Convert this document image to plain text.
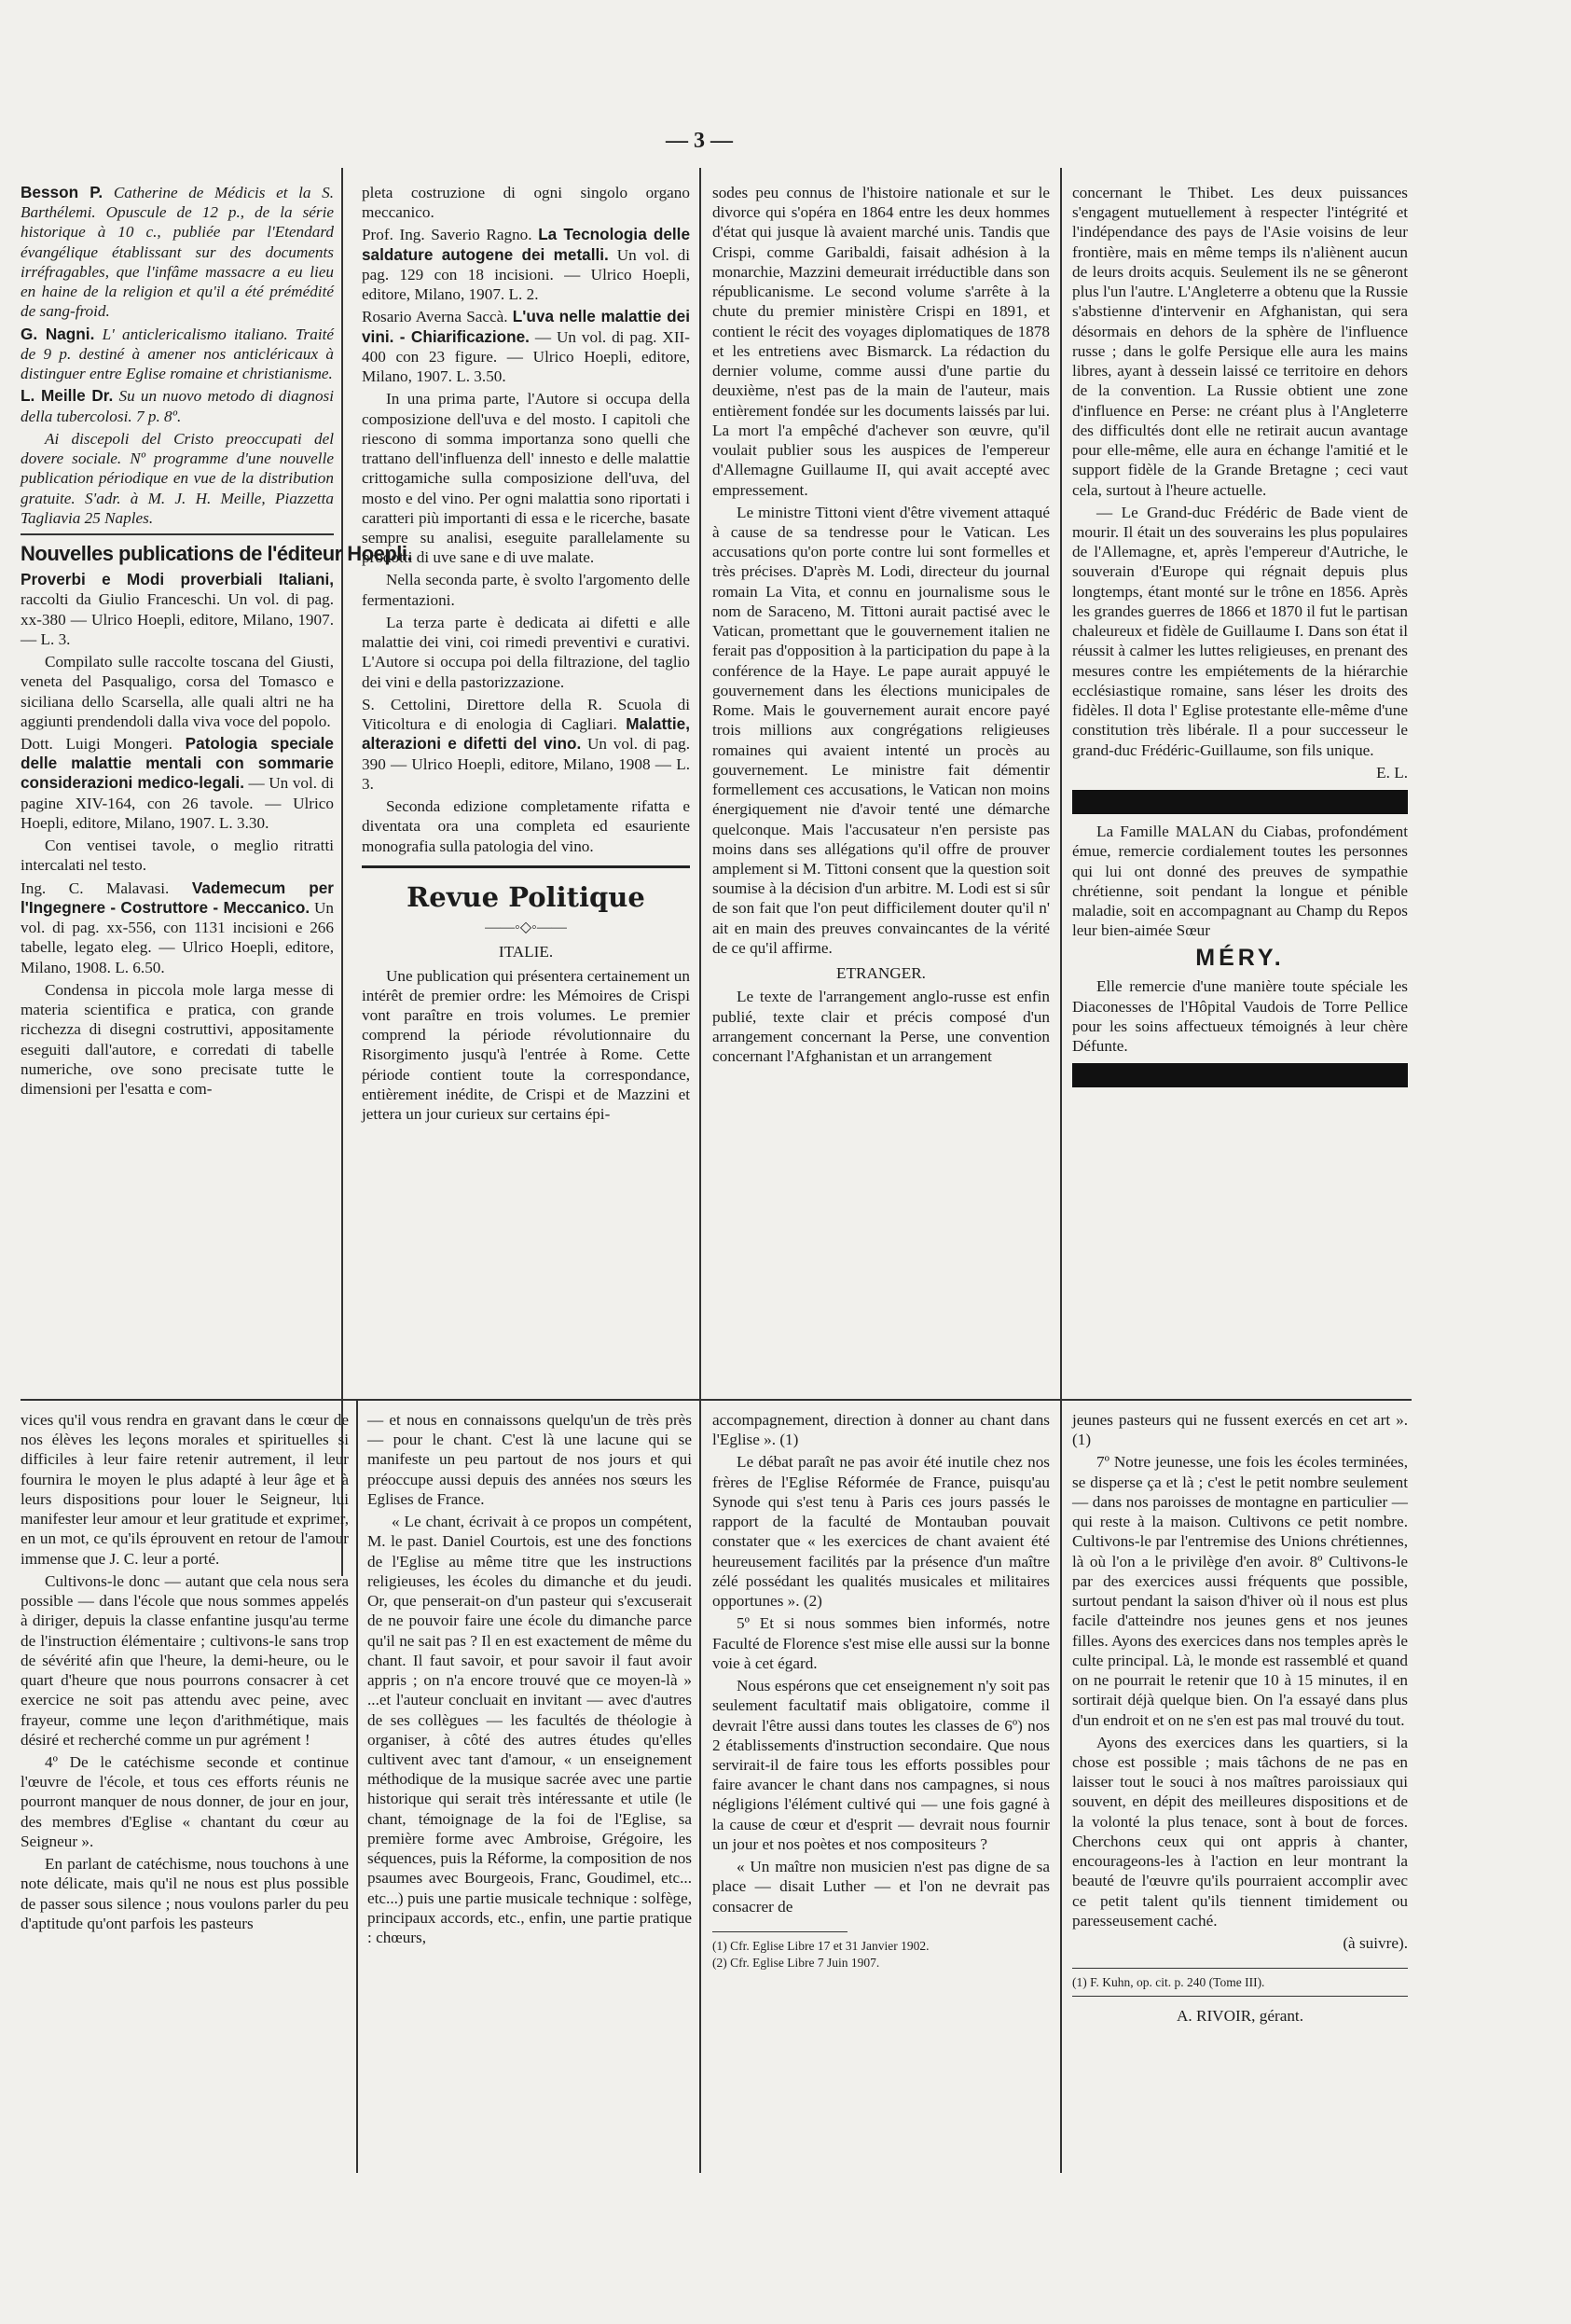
— 3 —

Besson P. Catherine de Médicis et la S. Barthélemi. Opuscule de 12 p., de la série historique à 10 c., publiée par l'Etendard évangélique établissant sur des documents irréfragables, que l'infâme massacre a eu lieu en haine de la religion et qu'il a été prémédité de sang-froid.

G. Nagni. L' anticlericalismo italiano. Traité de 9 p. destiné à amener nos anticléricaux à distinguer entre Eglise romaine et christianisme.

L. Meille Dr. Su un nuovo metodo di diagnosi della tubercolosi. 7 p. 8º.

Ai discepoli del Cristo preoccupati del dovere sociale. Nº programme d'une nouvelle publication périodique en vue de la distribution gratuite. S'adr. à M. J. H. Meille, Piazzetta Tagliavia 25 Naples.

Nouvelles publications de l'éditeur Hoepli.

Proverbi e Modi proverbiali Italiani, raccolti da Giulio Franceschi. Un vol. di pag. xx-380 — Ulrico Hoepli, editore, Milano, 1907. — L. 3.

Compilato sulle raccolte toscana del Giusti, veneta del Pasqualigo, corsa del Tomasco e siciliana dello Scarsella, alle quali altri ne ha aggiunti prendendoli dalla viva voce del popolo.

Dott. Luigi Mongeri. Patologia speciale delle malattie mentali con sommarie considerazioni medico-legali. — Un vol. di pagine XIV-164, con 26 tavole. — Ulrico Hoepli, editore, Milano, 1907. L. 3.30.

Con ventisei tavole, o meglio ritratti intercalati nel testo.

Ing. C. Malavasi. Vademecum per l'Ingegnere - Costruttore - Meccanico. Un vol. di pag. xx-556, con 1131 incisioni e 266 tabelle, legato eleg. — Ulrico Hoepli, editore, Milano, 1908. L. 6.50.

Condensa in piccola mole larga messe di materia scientifica e pratica, con grande ricchezza di disegni costruttivi, appositamente eseguiti dall'autore, e corredati di tabelle numeriche, ove sono precisate tutte le dimensioni per l'esatta e com-

pleta costruzione di ogni singolo organo meccanico.

Prof. Ing. Saverio Ragno. La Tecnologia delle saldature autogene dei metalli. Un vol. di pag. 129 con 18 incisioni. — Ulrico Hoepli, editore, Milano, 1907. L. 2.

Rosario Averna Saccà. L'uva nelle malattie dei vini. - Chiarificazione. — Un vol. di pag. XII-400 con 23 figure. — Ulrico Hoepli, editore, Milano, 1907. L. 3.50.

In una prima parte, l'Autore si occupa della composizione dell'uva e del mosto. I capitoli che riescono di somma importanza sono quelli che trattano dell'influenza dell' innesto e delle malattie crittogamiche sulla composizione dell'uva, del mosto e del vino. Per ogni malattia sono riportati i caratteri più importanti di essa e le ricerche, basate sempre su analisi, eseguite parallelamente su prodotti di uve sane e di uve malate.

Nella seconda parte, è svolto l'argomento delle fermentazioni.

La terza parte è dedicata ai difetti e alle malattie dei vini, coi rimedi preventivi e curativi. L'Autore si occupa poi della filtrazione, del taglio dei vini e della pastorizzazione.

S. Cettolini, Direttore della R. Scuola di Viticoltura e di enologia di Cagliari. Malattie, alterazioni e difetti del vino. Un vol. di pag. 390 — Ulrico Hoepli, editore, Milano, 1908 — L. 3.

Seconda edizione completamente rifatta e diventata ora una completa ed esauriente monografia sulla patologia del vino.

Revue Politique
——◦◇◦——
ITALIE.

Une publication qui présentera certainement un intérêt de premier ordre: les Mémoires de Crispi vont paraître en trois volumes. Le premier comprend la période révolutionnaire du Risorgimento jusqu'à l'entrée à Rome. Cette période contient toute la correspondance, entièrement inédite, de Crispi et de Mazzini et jettera un jour curieux sur certains épi-

sodes peu connus de l'histoire nationale et sur le divorce qui s'opéra en 1864 entre les deux hommes d'état qui jusque là avaient marché unis. Tandis que Crispi, comme Garibaldi, faisait adhésion à la monarchie, Mazzini demeurait irréductible dans son républicanisme. Le second volume s'arrête à la chute du premier ministère Crispi en 1891, et contient le récit des voyages diplomatiques de 1878 et les entretiens avec Bismarck. La rédaction du dernier volume, comme aussi d'une partie du deuxième, n'est pas de la main de l'auteur, mais entièrement fondée sur les documents laissés par lui. La mort l'a empêché d'achever son œuvre, qu'il voulait publier sous les auspices de l'empereur d'Allemagne Guillaume II, qui avait accepté avec empressement.

Le ministre Tittoni vient d'être vivement attaqué à cause de sa tendresse pour le Vatican. Les accusations qu'on porte contre lui sont formelles et très précises. D'après M. Lodi, directeur du journal romain La Vita, et connu en journalisme sous le nom de Saraceno, M. Tittoni aurait pactisé avec le Vatican, promettant que le gouvernement italien ne ferait pas d'opposition à la participation du pape à la conférence de la Haye. Le pape aurait appuyé le gouvernement dans les élections municipales de Rome. Mais le gouvernement aurait encore payé trois millions aux congrégations religieuses romaines qui avaient intenté un procès au gouvernement. Le ministre fait démentir formellement ces accusations, le Vatican non moins énergiquement nie d'avoir tenté une démarche quelconque. Mais l'accusateur n'en persiste pas moins dans ses allégations qu'il offre de prouver amplement si M. Tittoni consent que la question soit soumise à la décision d'un arbitre. M. Lodi est si sûr de son fait que l'on peut difficilement douter qu'il n' ait en main des preuves convaincantes de la vérité de ce qu'il affirme.

ETRANGER.

Le texte de l'arrangement anglo-russe est enfin publié, texte clair et précis composé d'un arrangement concernant la Perse, une convention concernant l'Afghanistan et un arrangement

concernant le Thibet. Les deux puissances s'engagent mutuellement à respecter l'intégrité et l'indépendance des pays de l'Asie voisins de leur frontière, mais en même temps ils n'aliènent aucun de leurs droits acquis. Seulement ils ne se gêneront plus l'un l'autre. L'Angleterre a obtenu que la Russie s'abstienne d'intervenir en Afghanistan, qui sera désormais en dehors de la sphère de l'influence russe ; dans le golfe Persique elle aura les mains libres, ayant à dessein laissé ce territoire en dehors de la convention. La Russie obtient une zone d'influence en Perse: ne créant plus à l'Angleterre des difficultés dont elle ne retirait aucun avantage pour elle-même, elle aura en échange l'amitié et le support fidèle de la Grande Bretagne ; ceci vaut cela, surtout à l'heure actuelle.

— Le Grand-duc Frédéric de Bade vient de mourir. Il était un des souverains les plus populaires de l'Allemagne, et, après l'empereur d'Autriche, le souverain d'Europe qui régnait depuis plus longtemps, étant monté sur le trône en 1856. Après les grandes guerres de 1866 et 1870 il fut le partisan chaleureux et fidèle de Guillaume I. Dans son état il réussit à calmer les luttes religieuses, en prenant des mesures contre les empiétements de la hiérarchie ecclésiastique romaine, sans léser les droits des fidèles. Il dota l' Eglise protestante elle-même d'une constitution très libérale. Il a pour successeur le grand-duc Frédéric-Guillaume, son fils unique.

E. L.

La Famille MALAN du Ciabas, profondément émue, remercie cordialement toutes les personnes qui lui ont donné des preuves de sympathie chrétienne, soit pendant la longue et pénible maladie, soit en accompagnant au Champ du Repos leur bien-aimée Sœur

MÉRY.

Elle remercie d'une manière toute spéciale les Diaconesses de l'Hôpital Vaudois de Torre Pellice pour les soins affectueux témoignés à leur chère Défunte.

vices qu'il vous rendra en gravant dans le cœur de nos élèves les leçons morales et spirituelles si difficiles à leur faire retenir autrement, il leur fournira le moyen le plus adapté à leur âge et à leurs dispositions pour louer le Seigneur, lui manifester leur amour et leur gratitude et exprimer, en un mot, ce qu'ils éprouvent en retour de l'amour immense que J. C. leur a porté.

Cultivons-le donc — autant que cela nous sera possible — dans l'école que nous sommes appelés à diriger, depuis la classe enfantine jusqu'au terme de l'instruction élémentaire ; cultivons-le sans trop de sévérité afin que l'heure, la demi-heure, ou le quart d'heure que nous pourrons consacrer à cet exercice ne soit pas attendu avec peine, avec frayeur, comme une leçon d'arithmétique, mais désiré et recherché comme un pur agrément !

4º De le catéchisme seconde et continue l'œuvre de l'école, et tous ces efforts réunis ne pourront manquer de nous donner, de jour en jour, des membres d'Eglise « chantant du cœur au Seigneur ».

En parlant de catéchisme, nous touchons à une note délicate, mais qu'il ne nous est plus possible de passer sous silence ; nous voulons parler du peu d'aptitude qu'ont parfois les pasteurs

— et nous en connaissons quelqu'un de très près — pour le chant. C'est là une lacune qui se manifeste un peu partout de nos jours et qui préoccupe aussi depuis des années nos sœurs les Eglises de France.

« Le chant, écrivait à ce propos un compétent, M. le past. Daniel Courtois, est une des fonctions de l'Eglise au même titre que les instructions religieuses, les écoles du dimanche et du jeudi. Or, que penserait-on d'un pasteur qui s'excuserait de ne pouvoir faire une école du dimanche parce qu'il ne sait pas ? Il en est exactement de même du chant. Il faut savoir, et pour savoir il faut avoir appris ; on n'a encore trouvé que ce moyen-là » ...et l'auteur concluait en invitant — avec d'autres de ses collègues — les facultés de théologie à organiser, à côté des autres études qu'elles cultivent avec tant d'amour, « un enseignement méthodique de la musique sacrée avec une partie historique qui serait très intéressante et utile (le chant, témoignage de la foi de l'Eglise, sa première forme avec Ambroise, Grégoire, les séquences, puis la Réforme, la composition de nos psaumes avec Bourgeois, Franc, Goudimel, etc... etc...) puis une partie musicale technique : solfège, principaux accords, etc., enfin, une partie pratique : chœurs,

accompagnement, direction à donner au chant dans l'Eglise ». (1)

Le débat paraît ne pas avoir été inutile chez nos frères de l'Eglise Réformée de France, puisqu'au Synode qui s'est tenu à Paris ces jours passés le rapport de la faculté de Montauban pouvait constater que « les exercices de chant avaient été heureusement facilités par la présence d'un maître zélé possédant les qualités musicales et militaires opportunes ». (2)

5º Et si nous sommes bien informés, notre Faculté de Florence s'est mise elle aussi sur la bonne voie à cet égard.

Nous espérons que cet enseignement n'y soit pas seulement facultatif mais obligatoire, comme il devrait l'être aussi dans toutes les classes de 6º) nos 2 établissements d'instruction secondaire. Que nous servirait-il de faire tous les efforts possibles pour faire avancer le chant dans nos campagnes, si nous négligions l'élément cultivé qui — une fois gagné à la cause de cœur et d'esprit — devrait nous fournir un jour et nos poètes et nos compositeurs ?

« Un maître non musicien n'est pas digne de sa place — disait Luther — et l'on ne devrait pas consacrer de

(1) Cfr. Eglise Libre 17 et 31 Janvier 1902.
(2) Cfr. Eglise Libre 7 Juin 1907.

jeunes pasteurs qui ne fussent exercés en cet art ». (1)

7º Notre jeunesse, une fois les écoles terminées, se disperse ça et là ; c'est le petit nombre seulement — dans nos paroisses de montagne en particulier — qui reste à la maison. Cultivons ce petit nombre. Cultivons-le par l'entremise des Unions chrétiennes, là où l'on a le privilège d'en avoir. 8º Cultivons-le par des exercices aussi fréquents que possible, surtout pendant la saison d'hiver où il nous est plus facile d'atteindre nos jeunes gens et nos jeunes filles. Ayons des exercices dans nos temples après le culte principal. Là, le monde est rassemblé et quand on ne pourrait le retenir que 10 à 15 minutes, il en sortirait déjà quelque bien. On l'a essayé dans plus d'un endroit et on ne s'en est pas mal trouvé du tout.

Ayons des exercices dans les quartiers, si la chose est possible ; mais tâchons de ne pas en laisser tout le souci à nos maîtres paroissiaux qui souvent, en dépit des meilleures dispositions et de la volonté la plus tenace, sont à bout de forces. Cherchons ceux qui ont appris à chanter, encourageons-les à l'action en leur montrant la beauté de l'œuvre qu'ils pourraient accomplir avec ce petit talent qu'ils tiennent timidement ou paresseusement caché.

(à suivre).

(1) F. Kuhn, op. cit. p. 240 (Tome III).
A. RIVOIR, gérant.
